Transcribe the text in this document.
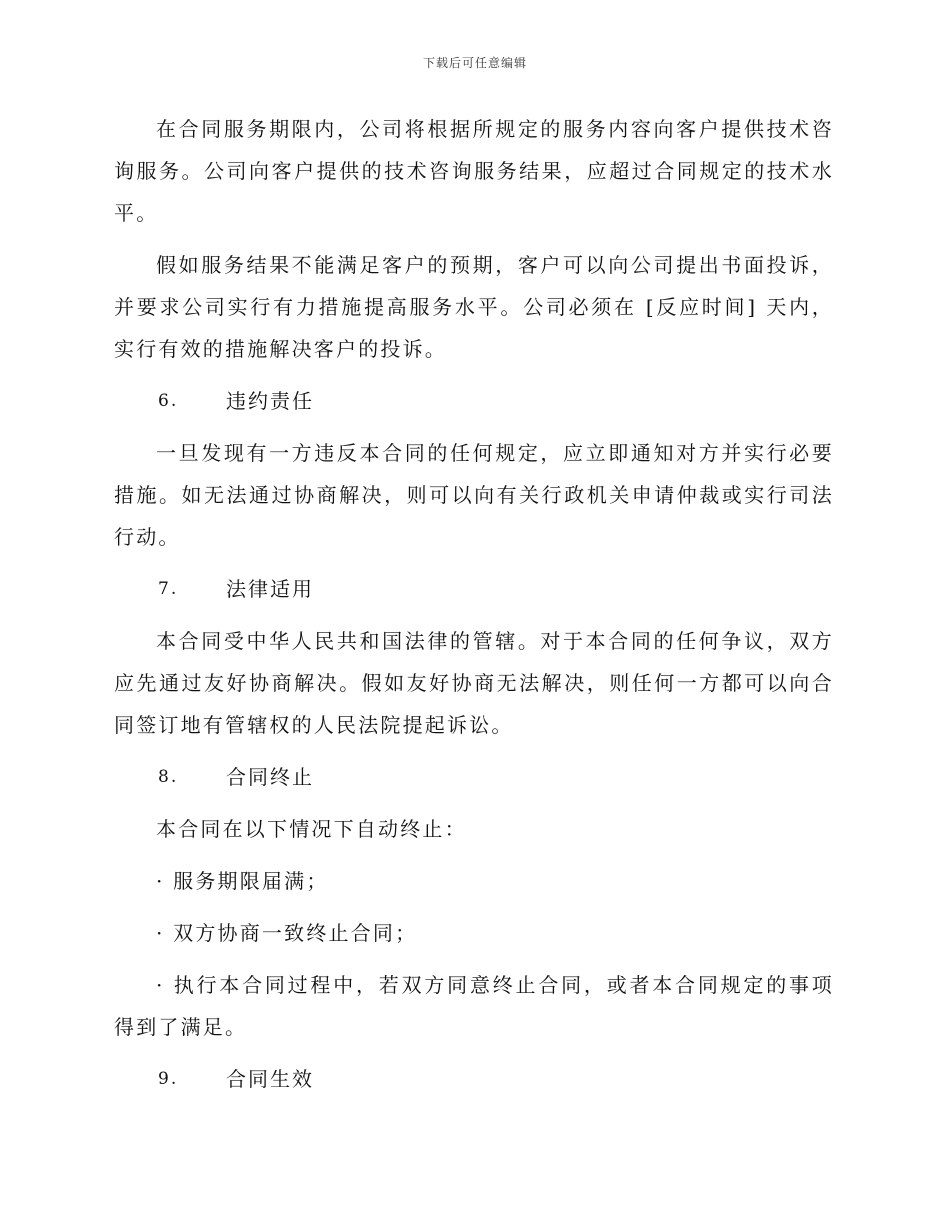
下载后可任意编辑

在合同服务期限内，公司将根据所规定的服务内容向客户提供技术咨询服务。公司向客户提供的技术咨询服务结果，应超过合同规定的技术水平。

假如服务结果不能满足客户的预期，客户可以向公司提出书面投诉，并要求公司实行有力措施提高服务水平。公司必须在 [反应时间] 天内，实行有效的措施解决客户的投诉。

6. 违约责任

一旦发现有一方违反本合同的任何规定，应立即通知对方并实行必要措施。如无法通过协商解决，则可以向有关行政机关申请仲裁或实行司法行动。

7. 法律适用

本合同受中华人民共和国法律的管辖。对于本合同的任何争议，双方应先通过友好协商解决。假如友好协商无法解决，则任何一方都可以向合同签订地有管辖权的人民法院提起诉讼。

8. 合同终止

本合同在以下情况下自动终止：

· 服务期限届满；

· 双方协商一致终止合同；

· 执行本合同过程中，若双方同意终止合同，或者本合同规定的事项得到了满足。

9. 合同生效
